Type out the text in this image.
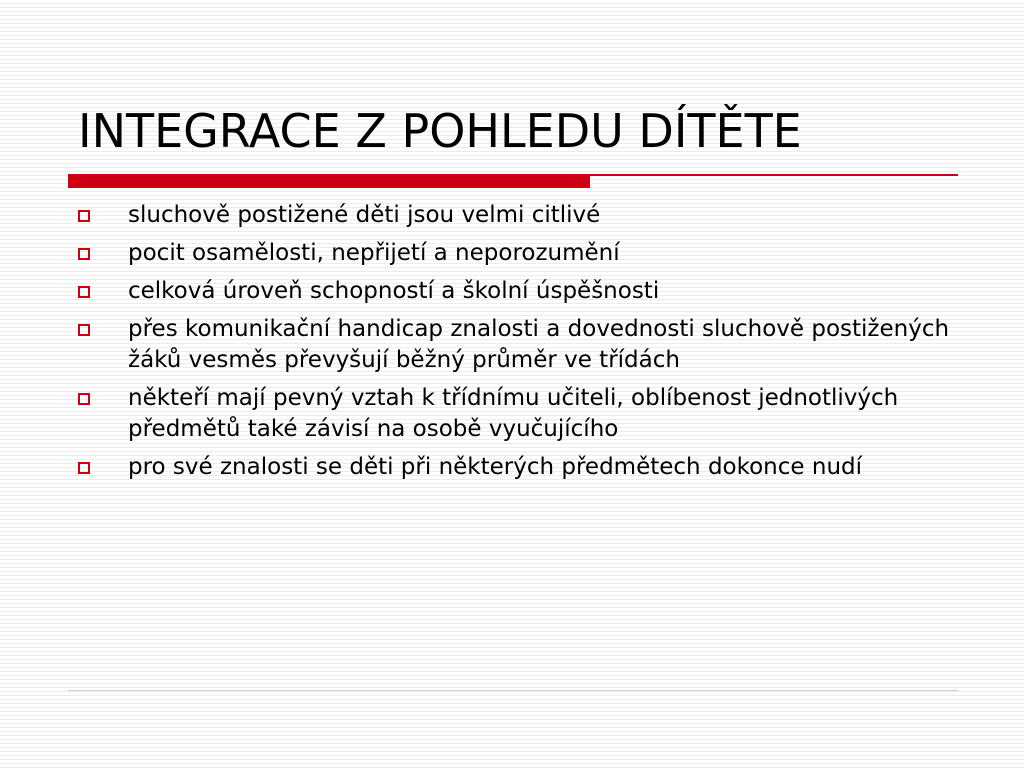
INTEGRACE Z POHLEDU DÍTĚTE
sluchově postižené děti jsou velmi citlivé
pocit osamělosti, nepřijetí a neporozumění
celková úroveň schopností a školní úspěšnosti
přes komunikační handicap znalosti a dovednosti sluchově postižených žáků vesměs převyšují běžný průměr ve třídách
někteří mají pevný vztah k třídnímu učiteli, oblíbenost jednotlivých předmětů také závisí na osobě vyučujícího
pro své znalosti se děti při některých předmětech dokonce nudí
